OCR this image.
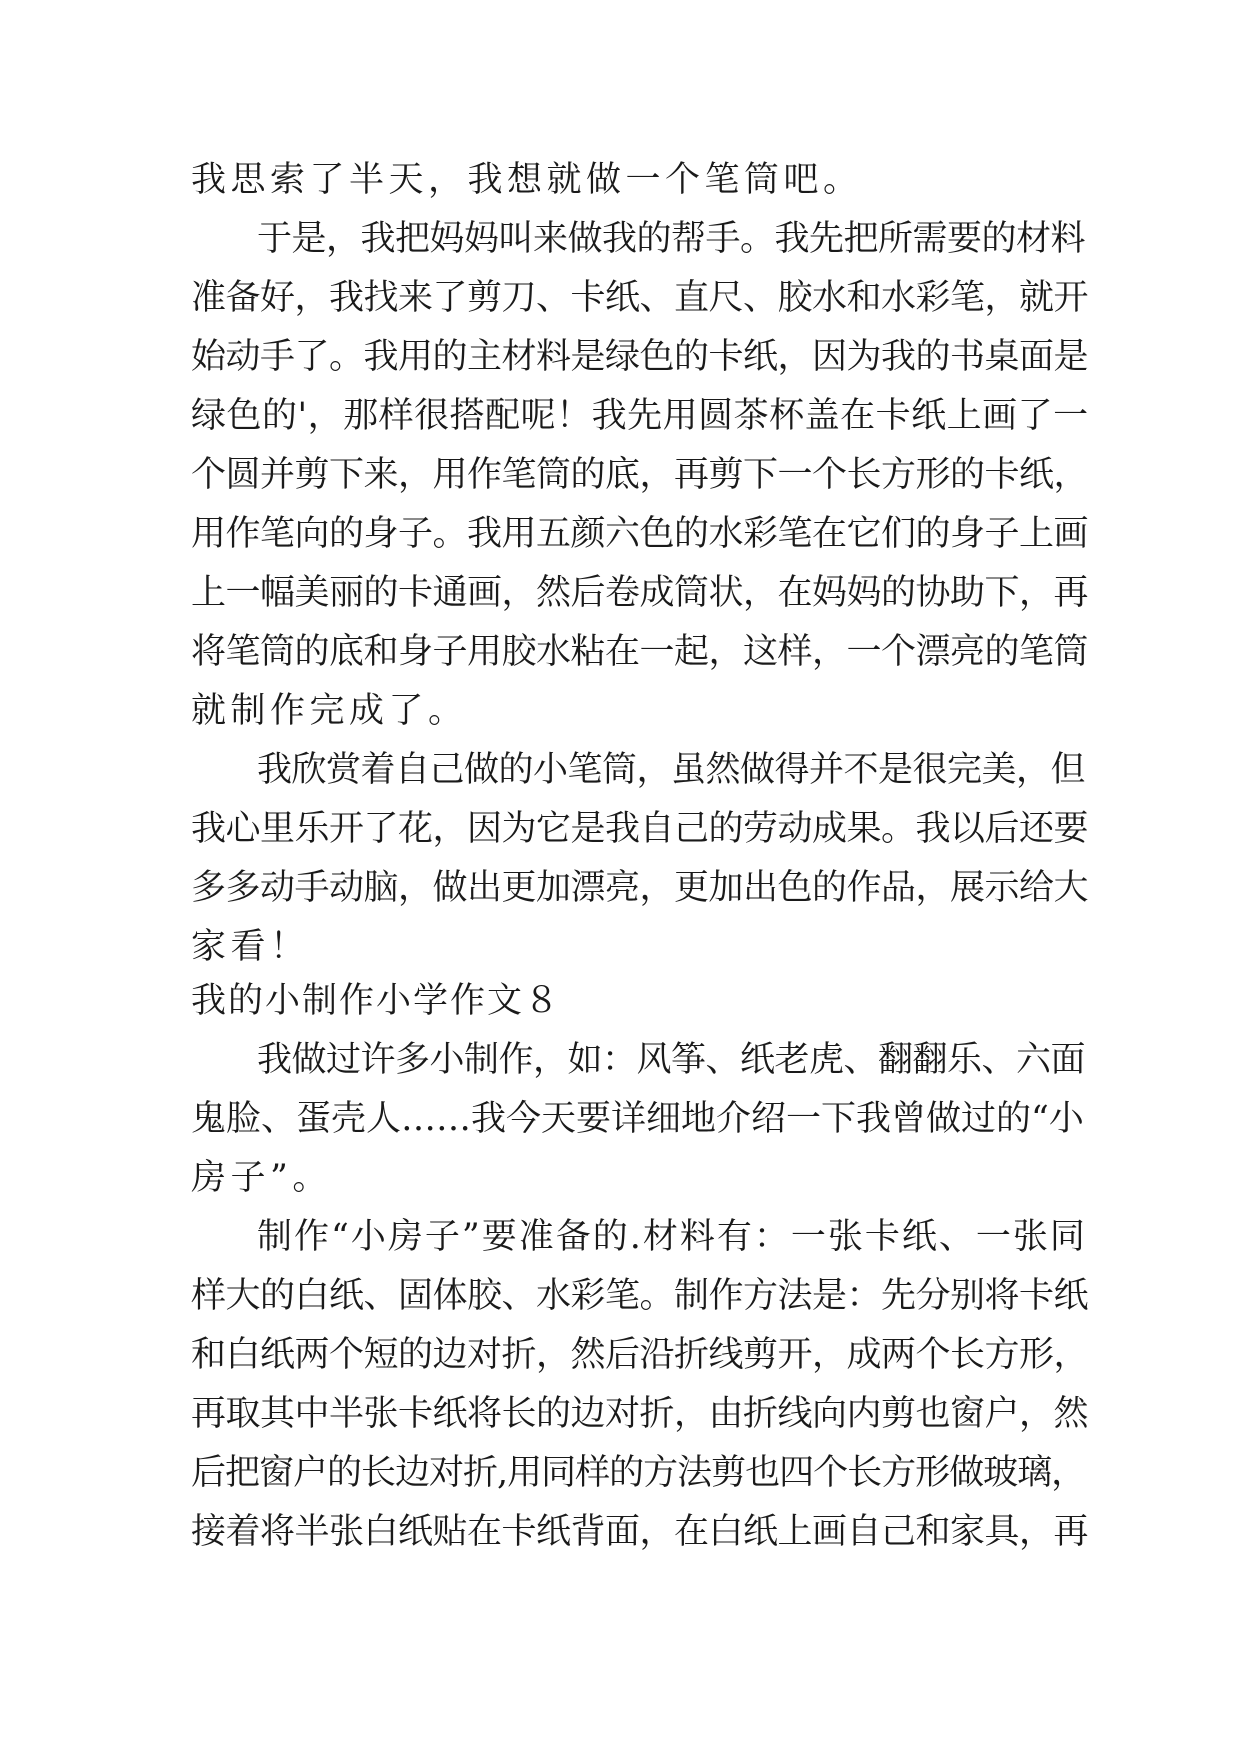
我思索了半天，我想就做一个笔筒吧。
于是，我把妈妈叫来做我的帮手。我先把所需要的材料
准备好，我找来了剪刀、卡纸、直尺、胶水和水彩笔，就开
始动手了。我用的主材料是绿色的卡纸，因为我的书桌面是
绿色的'，那样很搭配呢！我先用圆茶杯盖在卡纸上画了一
个圆并剪下来，用作笔筒的底，再剪下一个长方形的卡纸，
用作笔向的身子。我用五颜六色的水彩笔在它们的身子上画
上一幅美丽的卡通画，然后卷成筒状，在妈妈的协助下，再
将笔筒的底和身子用胶水粘在一起，这样，一个漂亮的笔筒
就制作完成了。
我欣赏着自己做的小笔筒，虽然做得并不是很完美，但
我心里乐开了花，因为它是我自己的劳动成果。我以后还要
多多动手动脑，做出更加漂亮，更加出色的作品，展示给大
家看！
我的小制作小学作文８
我做过许多小制作，如：风筝、纸老虎、翻翻乐、六面
鬼脸、蛋壳人……我今天要详细地介绍一下我曾做过的“小
房子”。
制作“小房子”要准备的.材料有：一张卡纸、一张同
样大的白纸、固体胶、水彩笔。制作方法是：先分别将卡纸
和白纸两个短的边对折，然后沿折线剪开，成两个长方形，
再取其中半张卡纸将长的边对折，由折线向内剪也窗户，然
后把窗户的长边对折,用同样的方法剪也四个长方形做玻璃，
接着将半张白纸贴在卡纸背面，在白纸上画自己和家具，再
